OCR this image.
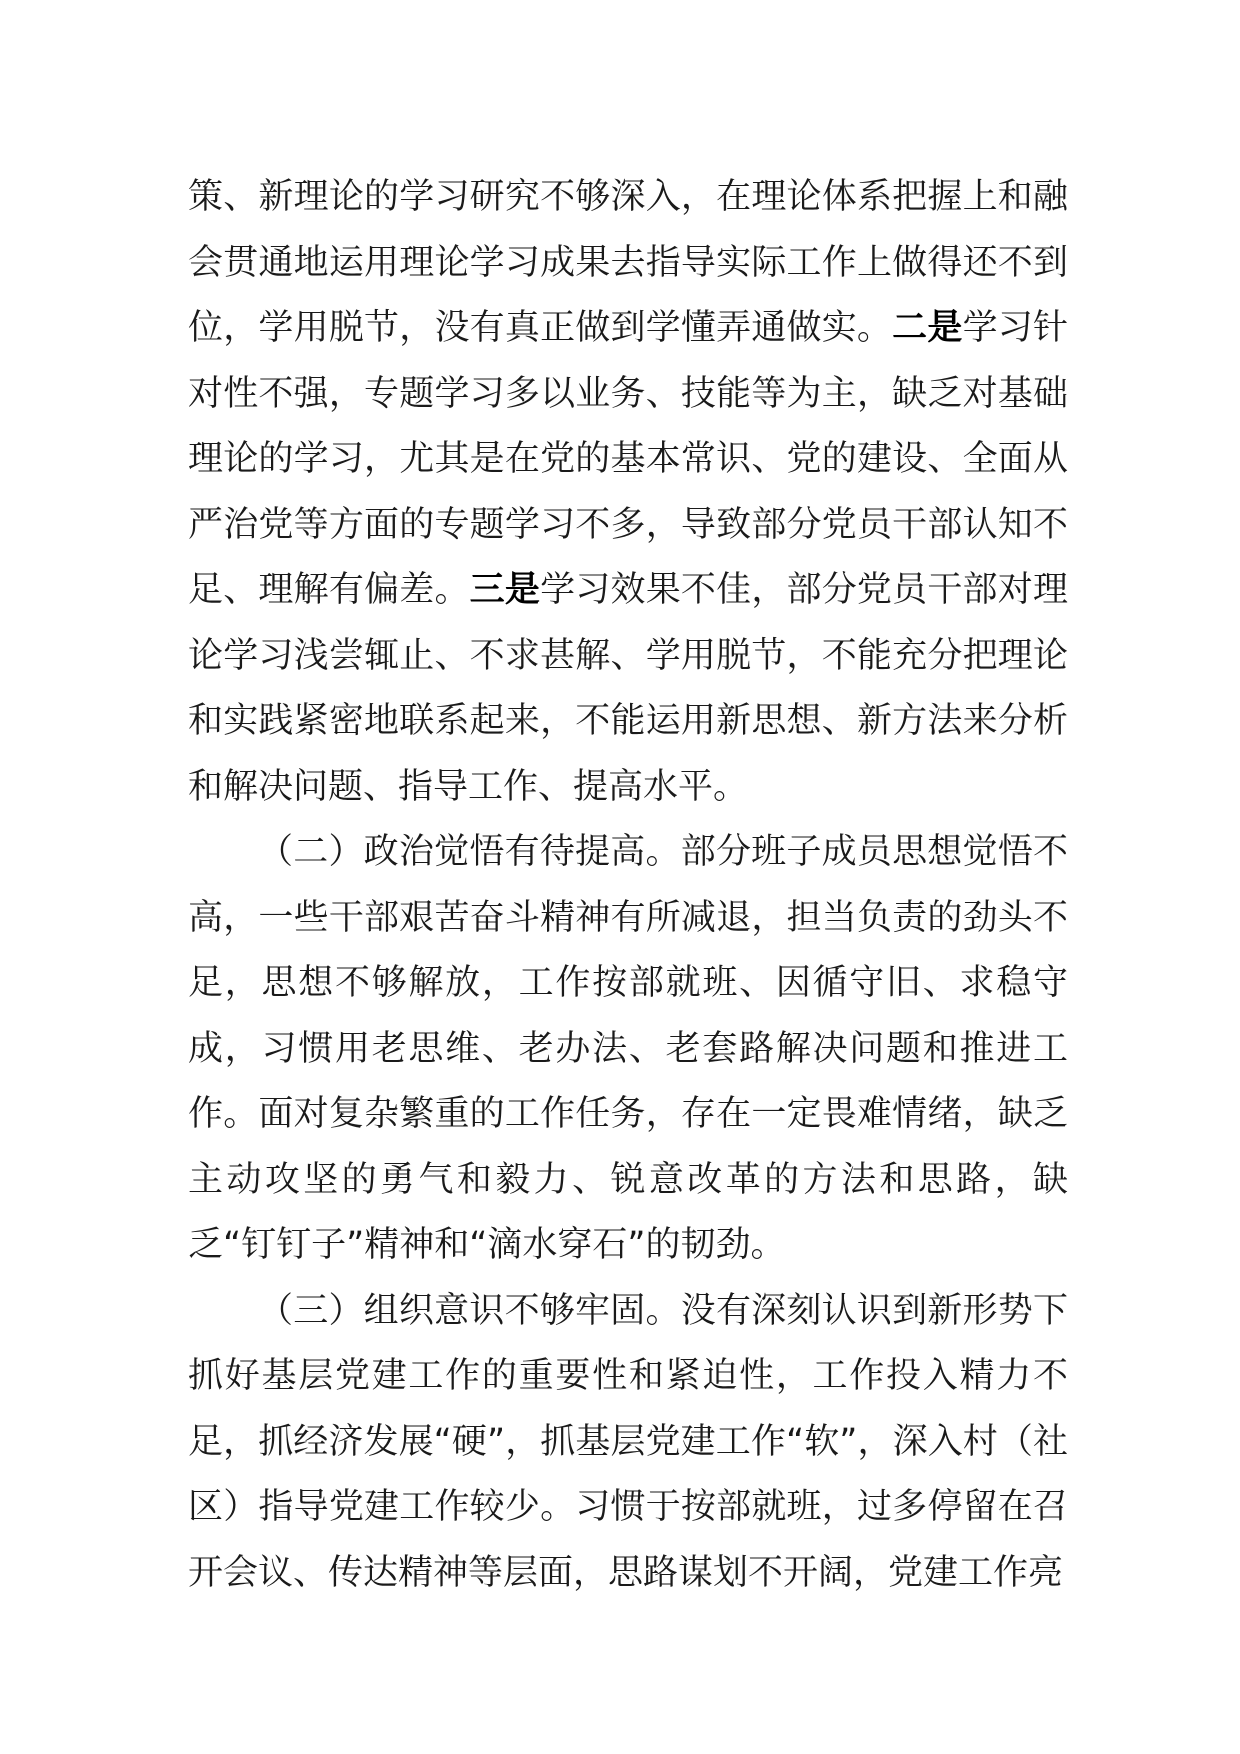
策、新理论的学习研究不够深入，在理论体系把握上和融会贯通地运用理论学习成果去指导实际工作上做得还不到位，学用脱节，没有真正做到学懂弄通做实。二是学习针对性不强，专题学习多以业务、技能等为主，缺乏对基础理论的学习，尤其是在党的基本常识、党的建设、全面从严治党等方面的专题学习不多，导致部分党员干部认知不足、理解有偏差。三是学习效果不佳，部分党员干部对理论学习浅尝辄止、不求甚解、学用脱节，不能充分把理论和实践紧密地联系起来，不能运用新思想、新方法来分析和解决问题、指导工作、提高水平。

（二）政治觉悟有待提高。部分班子成员思想觉悟不高，一些干部艰苦奋斗精神有所减退，担当负责的劲头不足，思想不够解放，工作按部就班、因循守旧、求稳守成，习惯用老思维、老办法、老套路解决问题和推进工作。面对复杂繁重的工作任务，存在一定畏难情绪，缺乏主动攻坚的勇气和毅力、锐意改革的方法和思路，缺乏“钉钉子”精神和“滴水穿石”的韧劲。

（三）组织意识不够牢固。没有深刻认识到新形势下抓好基层党建工作的重要性和紧迫性，工作投入精力不足，抓经济发展“硬”，抓基层党建工作“软”，深入村（社区）指导党建工作较少。习惯于按部就班，过多停留在召开会议、传达精神等层面，思路谋划不开阔，党建工作亮
